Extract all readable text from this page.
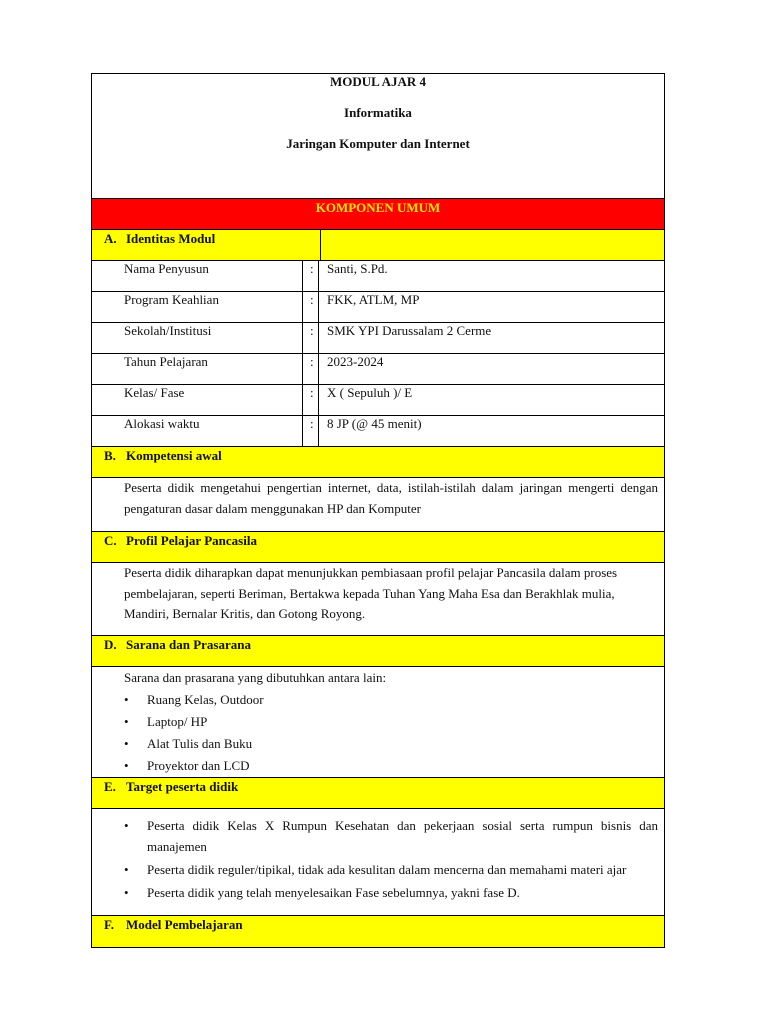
MODUL AJAR 4
Informatika
Jaringan Komputer dan Internet
KOMPONEN UMUM
A. Identitas Modul
Nama Penyusun	: Santi, S.Pd.
Program Keahlian	: FKK, ATLM, MP
Sekolah/Institusi	: SMK YPI Darussalam 2 Cerme
Tahun Pelajaran	: 2023-2024
Kelas/ Fase	: X ( Sepuluh )/ E
Alokasi waktu	: 8 JP (@ 45 menit)
B. Kompetensi awal
Peserta didik mengetahui pengertian internet, data, istilah-istilah dalam jaringan mengerti dengan pengaturan dasar dalam menggunakan HP dan Komputer
C. Profil Pelajar Pancasila
Peserta didik diharapkan dapat menunjukkan pembiasaan profil pelajar Pancasila dalam proses pembelajaran, seperti Beriman, Bertakwa kepada Tuhan Yang Maha Esa dan Berakhlak mulia, Mandiri, Bernalar Kritis, dan Gotong Royong.
D. Sarana dan Prasarana
Sarana dan prasarana yang dibutuhkan antara lain:
• Ruang Kelas, Outdoor
• Laptop/ HP
• Alat Tulis dan Buku
• Proyektor dan LCD
E. Target peserta didik
• Peserta didik Kelas X Rumpun Kesehatan dan pekerjaan sosial serta rumpun bisnis dan manajemen
• Peserta didik reguler/tipikal, tidak ada kesulitan dalam mencerna dan memahami materi ajar
• Peserta didik yang telah menyelesaikan Fase sebelumnya, yakni fase D.
F. Model Pembelajaran
